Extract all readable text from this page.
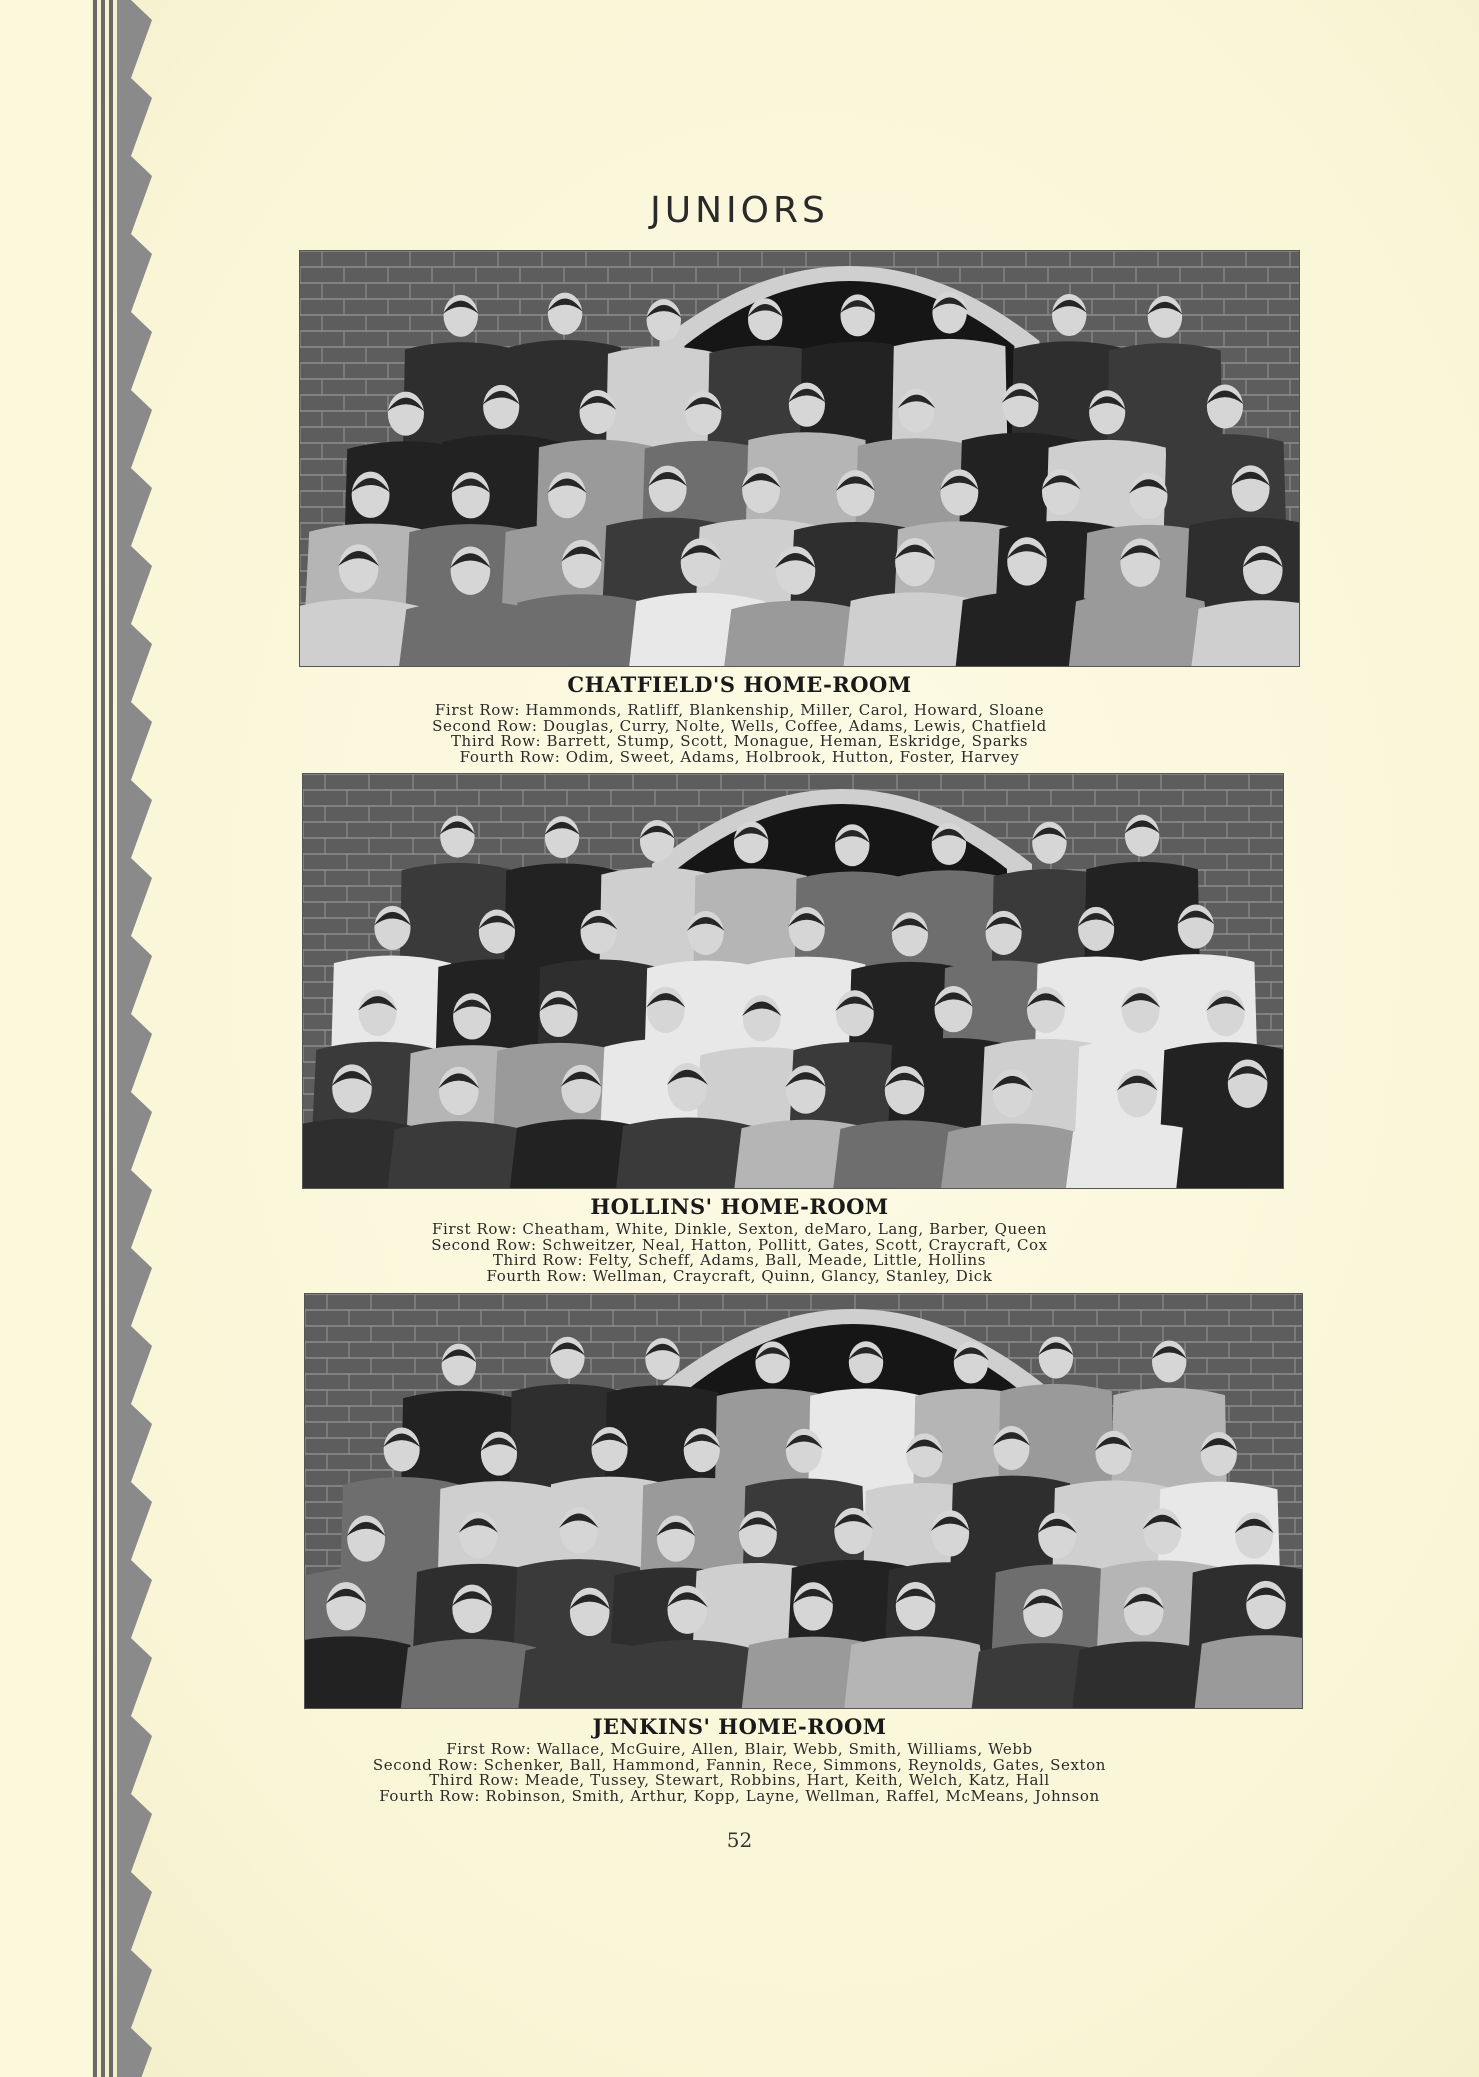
JUNIORS
CHATFIELD'S HOME-ROOM
First Row: Hammonds, Ratliff, Blankenship, Miller, Carol, Howard, Sloane
Second Row: Douglas, Curry, Nolte, Wells, Coffee, Adams, Lewis, Chatfield
Third Row: Barrett, Stump, Scott, Monague, Heman, Eskridge, Sparks
Fourth Row: Odim, Sweet, Adams, Holbrook, Hutton, Foster, Harvey
HOLLINS' HOME-ROOM
First Row: Cheatham, White, Dinkle, Sexton, deMaro, Lang, Barber, Queen
Second Row: Schweitzer, Neal, Hatton, Pollitt, Gates, Scott, Craycraft, Cox
Third Row: Felty, Scheff, Adams, Ball, Meade, Little, Hollins
Fourth Row: Wellman, Craycraft, Quinn, Glancy, Stanley, Dick
JENKINS' HOME-ROOM
First Row: Wallace, McGuire, Allen, Blair, Webb, Smith, Williams, Webb
Second Row: Schenker, Ball, Hammond, Fannin, Rece, Simmons, Reynolds, Gates, Sexton
Third Row: Meade, Tussey, Stewart, Robbins, Hart, Keith, Welch, Katz, Hall
Fourth Row: Robinson, Smith, Arthur, Kopp, Layne, Wellman, Raffel, McMeans, Johnson
52
